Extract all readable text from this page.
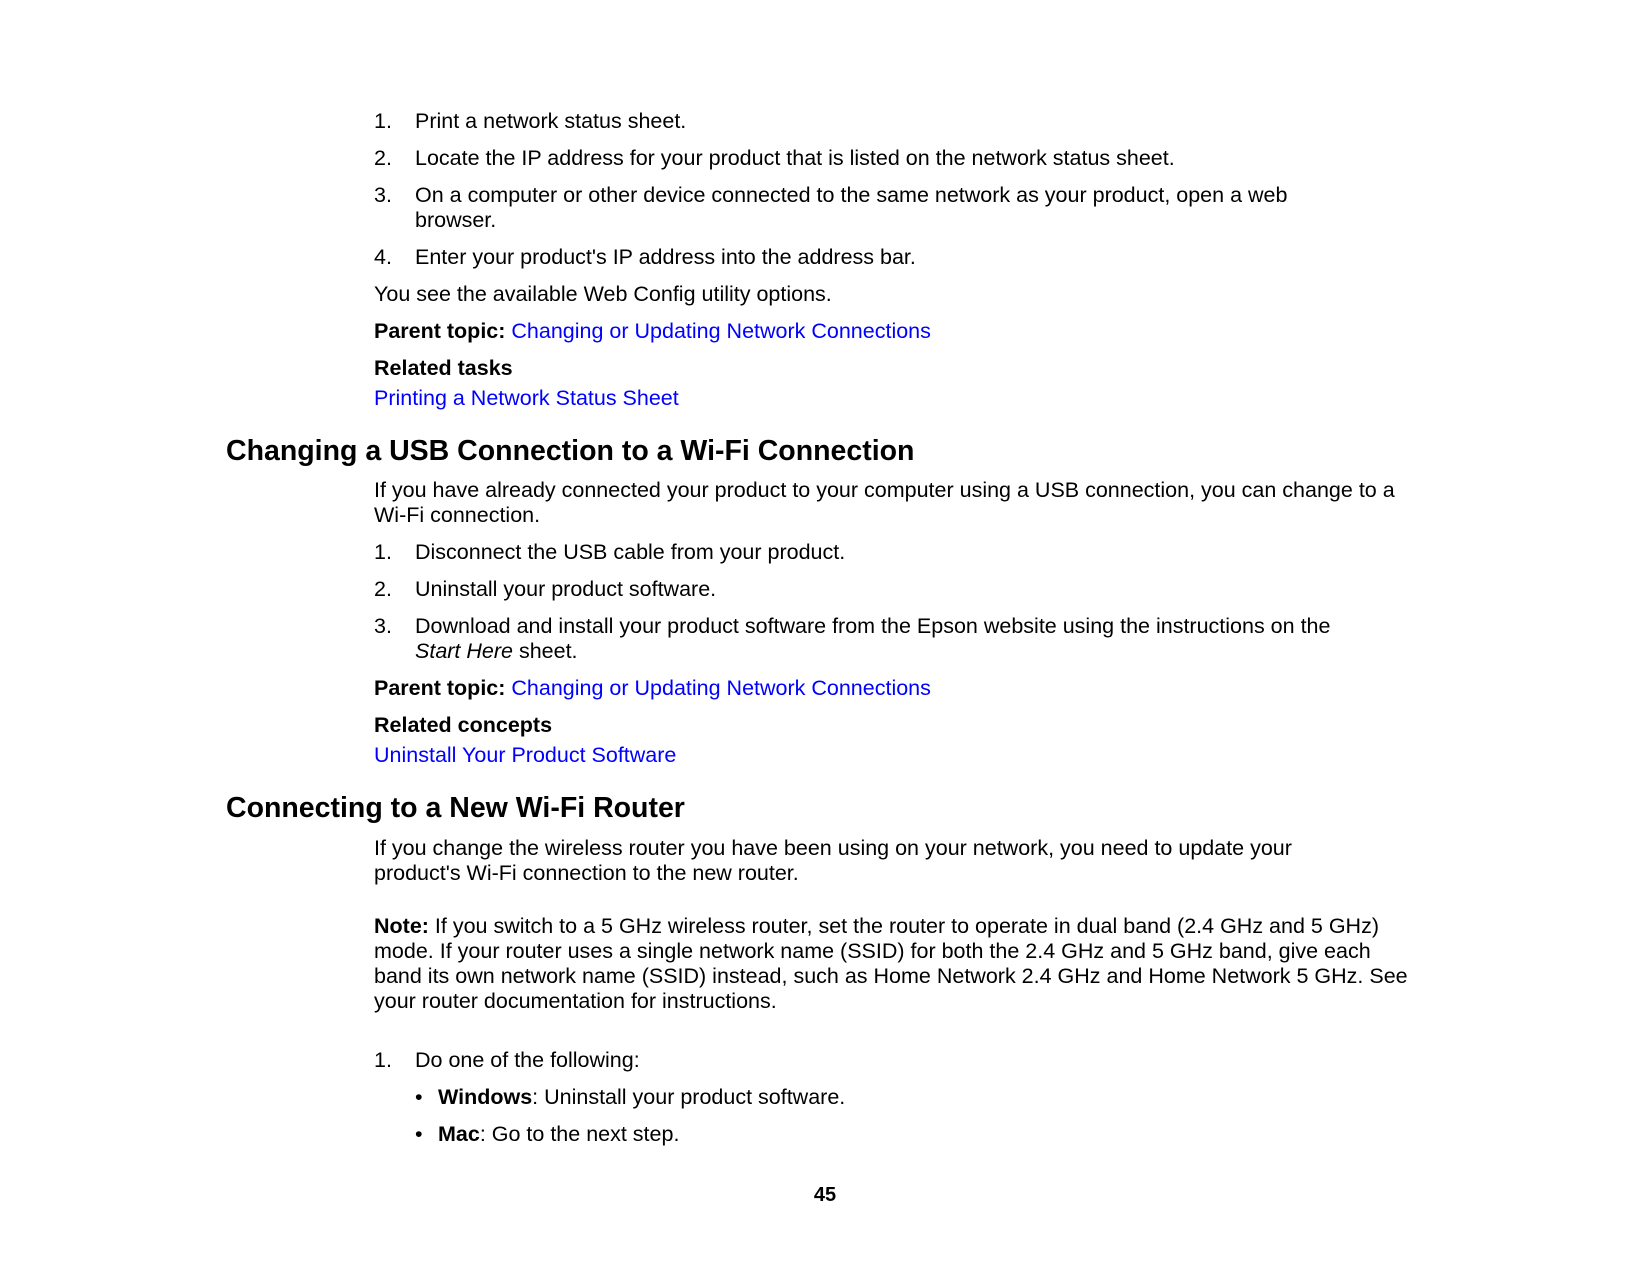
1. Print a network status sheet.
2. Locate the IP address for your product that is listed on the network status sheet.
3. On a computer or other device connected to the same network as your product, open a web browser.
4. Enter your product's IP address into the address bar.
You see the available Web Config utility options.
Parent topic: Changing or Updating Network Connections
Related tasks
Printing a Network Status Sheet
Changing a USB Connection to a Wi-Fi Connection
If you have already connected your product to your computer using a USB connection, you can change to a Wi-Fi connection.
1. Disconnect the USB cable from your product.
2. Uninstall your product software.
3. Download and install your product software from the Epson website using the instructions on the
Start Here sheet.
Parent topic: Changing or Updating Network Connections
Related concepts
Uninstall Your Product Software
Connecting to a New Wi-Fi Router
If you change the wireless router you have been using on your network, you need to update your product's Wi-Fi connection to the new router.
Note: If you switch to a 5 GHz wireless router, set the router to operate in dual band (2.4 GHz and 5 GHz) mode. If your router uses a single network name (SSID) for both the 2.4 GHz and 5 GHz band, give each band its own network name (SSID) instead, such as Home Network 2.4 GHz and Home Network 5 GHz. See your router documentation for instructions.
1. Do one of the following:
• Windows: Uninstall your product software.
• Mac: Go to the next step.
45
